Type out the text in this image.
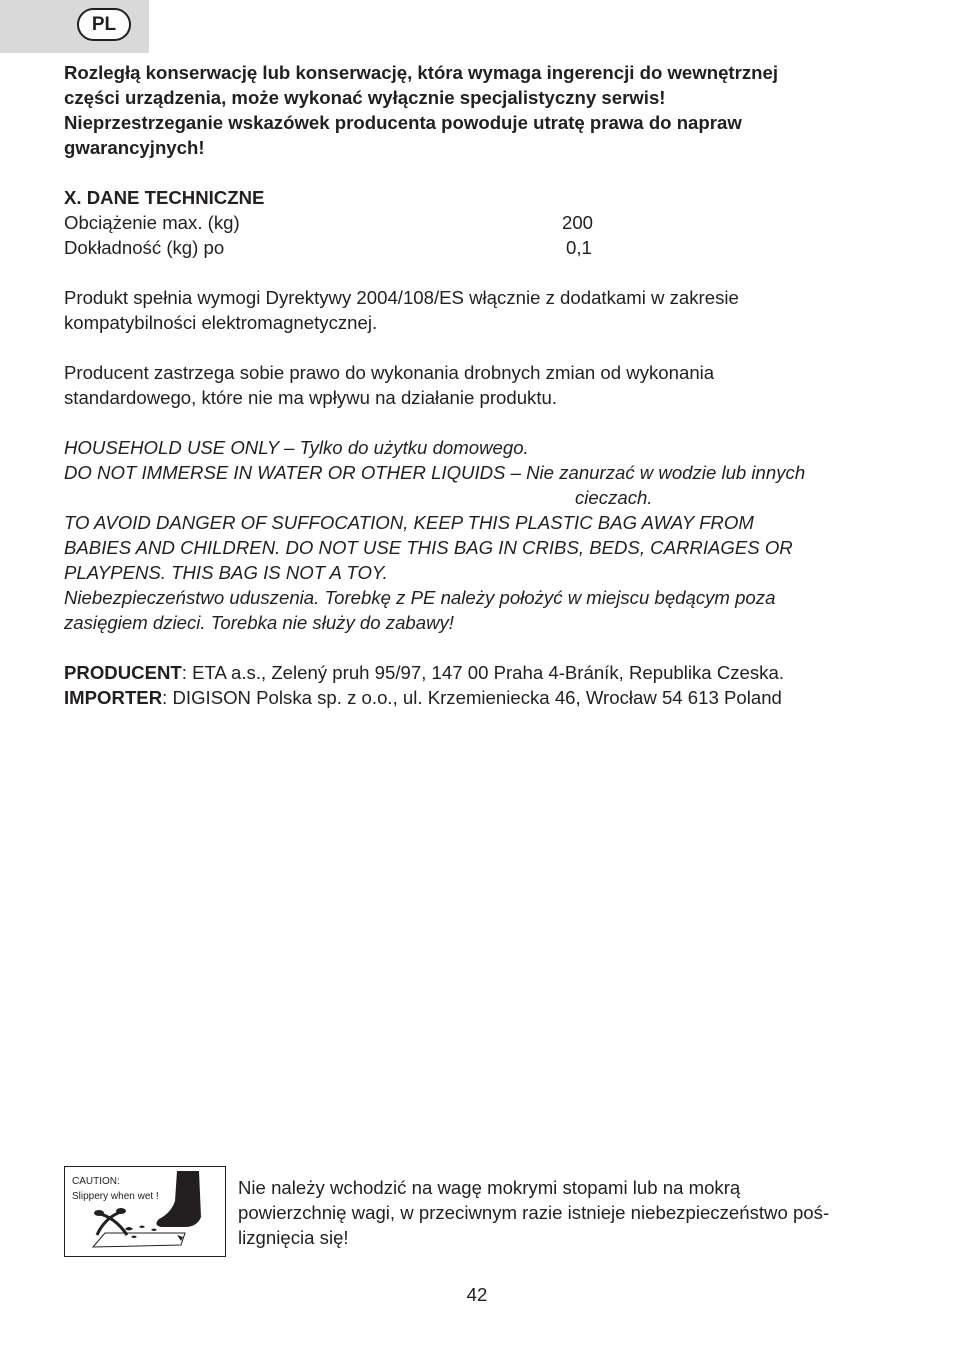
PL

Rozległą konserwację lub konserwację, która wymaga ingerencji do wewnętrznej

części urządzenia, może wykonać wyłącznie specjalistyczny serwis!

Nieprzestrzeganie wskazówek producenta powoduje utratę prawa do napraw

gwarancyjnych!

X. DANE TECHNICZNE

Obciążenie max. (kg)	200
Dokładność (kg) po	0,1

Produkt spełnia wymogi Dyrektywy 2004/108/ES włącznie z dodatkami w zakresie

kompatybilności elektromagnetycznej.

Producent zastrzega sobie prawo do wykonania drobnych zmian od wykonania

standardowego, które nie ma wpływu na działanie produktu.

HOUSEHOLD USE ONLY – Tylko do użytku domowego.

DO NOT IMMERSE IN WATER OR OTHER LIQUIDS – Nie zanurzać w wodzie lub innych

cieczach.

TO AVOID DANGER OF SUFFOCATION, KEEP THIS PLASTIC BAG AWAY FROM

BABIES AND CHILDREN. DO NOT USE THIS BAG IN CRIBS, BEDS, CARRIAGES OR

PLAYPENS. THIS BAG IS NOT A TOY.

Niebezpieczeństwo uduszenia. Torebkę z PE należy położyć w miejscu będącym poza

zasięgiem dzieci. Torebka nie służy do zabawy!

PRODUCENT: ETA a.s., Zelený pruh 95/97, 147 00 Praha 4-Bráník, Republika Czeska.

IMPORTER: DIGISON Polska sp. z o.o., ul. Krzemieniecka 46, Wrocław 54 613 Poland

CAUTION:
Slippery when wet !	Nie należy wchodzić na wagę mokrymi stopami lub na mokrą

powierzchnię wagi, w przeciwnym razie istnieje niebezpieczeństwo poś-

lizgnięcia się!

42
